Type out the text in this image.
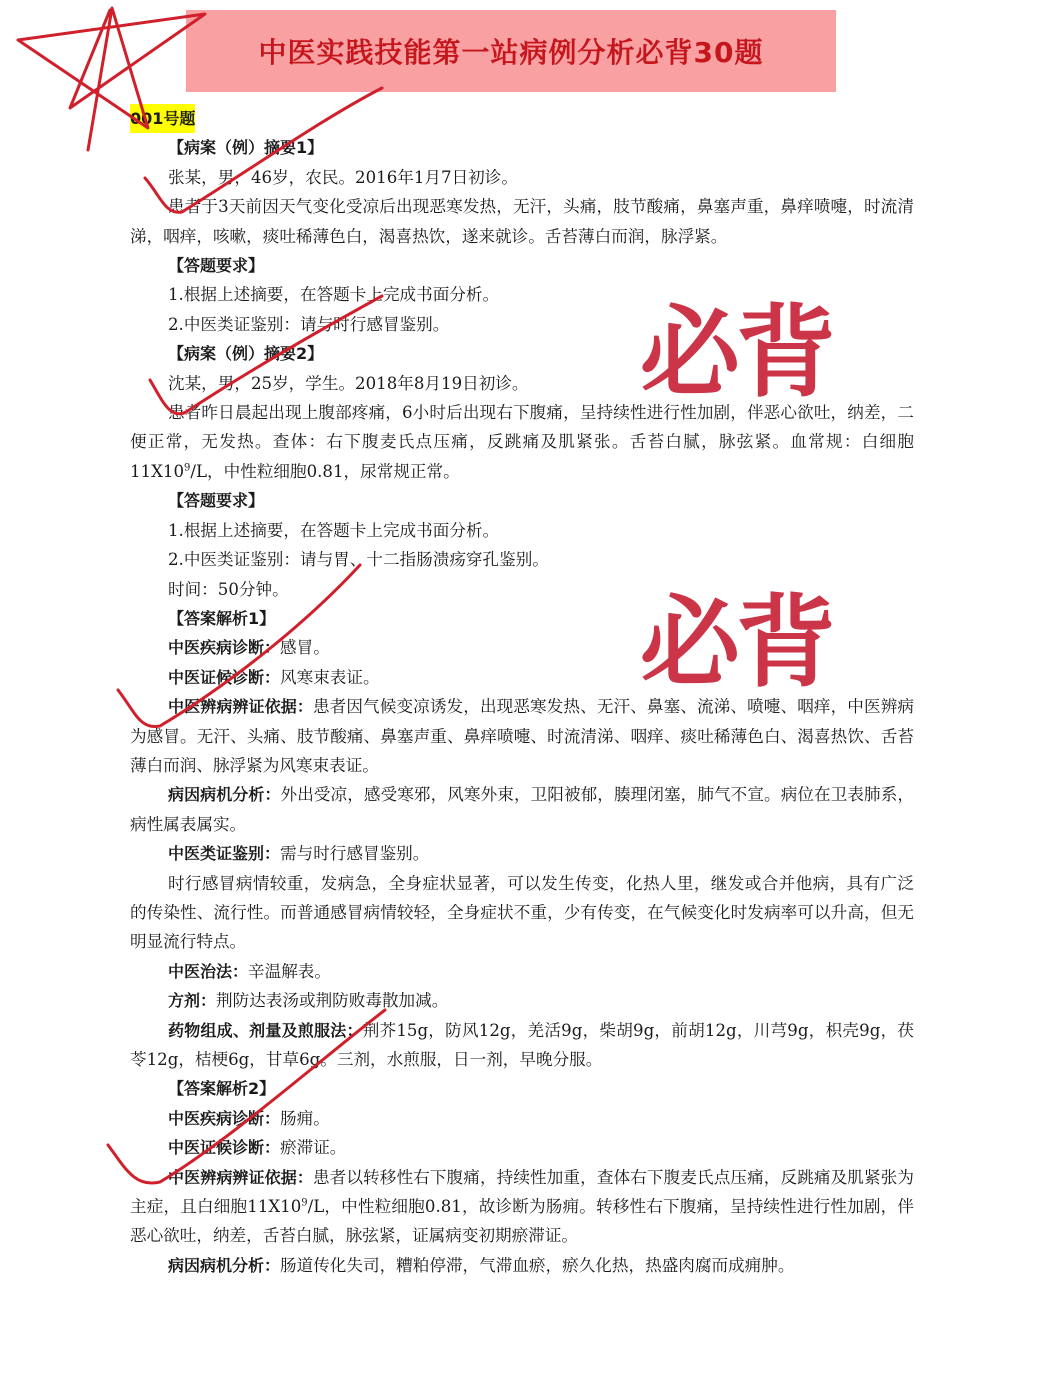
中医实践技能第一站病例分析必背30题

001号题

【病案（例）摘要1】

张某，男，46岁，农民。2016年1月7日初诊。

患者于3天前因天气变化受凉后出现恶寒发热，无汗，头痛，肢节酸痛，鼻塞声重，鼻痒喷嚏，时流清涕，咽痒，咳嗽，痰吐稀薄色白，渴喜热饮，遂来就诊。舌苔薄白而润，脉浮紧。

【答题要求】

1.根据上述摘要，在答题卡上完成书面分析。

2.中医类证鉴别：请与时行感冒鉴别。

【病案（例）摘要2】

沈某，男，25岁，学生。2018年8月19日初诊。

患者昨日晨起出现上腹部疼痛，6小时后出现右下腹痛，呈持续性进行性加剧，伴恶心欲吐，纳差，二便正常，无发热。查体：右下腹麦氏点压痛，反跳痛及肌紧张。舌苔白腻，脉弦紧。血常规：白细胞$11X10^9/L$，中性粒细胞0.81，尿常规正常。

【答题要求】

1.根据上述摘要，在答题卡上完成书面分析。

2.中医类证鉴别：请与胃、十二指肠溃疡穿孔鉴别。

时间：50分钟。

【答案解析1】

中医疾病诊断：感冒。

中医证候诊断：风寒束表证。

中医辨病辨证依据：患者因气候变凉诱发，出现恶寒发热、无汗、鼻塞、流涕、喷嚏、咽痒，中医辨病为感冒。无汗、头痛、肢节酸痛、鼻塞声重、鼻痒喷嚏、时流清涕、咽痒、痰吐稀薄色白、渴喜热饮、舌苔薄白而润、脉浮紧为风寒束表证。

病因病机分析：外出受凉，感受寒邪，风寒外束，卫阳被郁，腠理闭塞，肺气不宣。病位在卫表肺系，病性属表属实。

中医类证鉴别：需与时行感冒鉴别。

时行感冒病情较重，发病急，全身症状显著，可以发生传变，化热人里，继发或合并他病，具有广泛的传染性、流行性。而普通感冒病情较轻，全身症状不重，少有传变，在气候变化时发病率可以升高，但无明显流行特点。

中医治法：辛温解表。

方剂：荆防达表汤或荆防败毒散加减。

药物组成、剂量及煎服法：荆芥15g，防风12g，羌活9g，柴胡9g，前胡12g，川芎9g，枳壳9g，茯苓12g，桔梗6g，甘草6g。三剂，水煎服，日一剂，早晚分服。

【答案解析2】

中医疾病诊断：肠痈。

中医证候诊断：瘀滞证。

中医辨病辨证依据：患者以转移性右下腹痛，持续性加重，查体右下腹麦氏点压痛，反跳痛及肌紧张为主症，且白细胞$11X10^9/L$，中性粒细胞0.81，故诊断为肠痈。转移性右下腹痛，呈持续性进行性加剧，伴恶心欲吐，纳差，舌苔白腻，脉弦紧，证属病变初期瘀滞证。

病因病机分析：肠道传化失司，糟粕停滞，气滞血瘀，瘀久化热，热盛肉腐而成痈肿。

必背
必背
